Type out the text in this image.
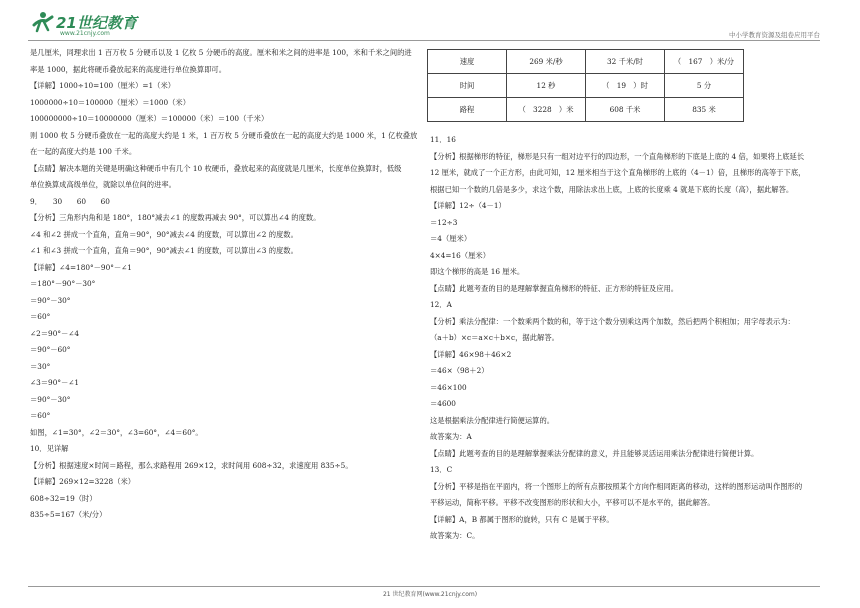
21世纪教育
www.21cnjy.com	中小学教育资源及组卷应用平台

是几厘米，同理求出 1 百万枚 5 分硬币以及 1 亿枚 5 分硬币的高度。厘米和米之间的进率是 100，米和千米之间的进

率是 1000，据此将硬币叠放起来的高度进行单位换算即可。

【详解】1000÷10=100（厘米）=1（米）

1000000÷10＝100000（厘米）＝1000（米）

100000000÷10＝10000000（厘米）＝100000（米）＝100（千米）

则 1000 枚 5 分硬币叠放在一起的高度大约是 1 米，1 百万枚 5 分硬币叠放在一起的高度大约是 1000 米，1 亿枚叠放

在一起的高度大约是 100 千米。

【点睛】解决本题的关键是明确这种硬币中有几个 10 枚硬币，叠放起来的高度就是几厘米，长度单位换算时，低级

单位换算成高级单位，就除以单位间的进率。

9．　　30　　60　　60

【分析】三角形内角和是 180°，180°减去∠1 的度数再减去 90°，可以算出∠4 的度数。

∠4 和∠2 拼成一个直角，直角＝90°，90°减去∠4 的度数，可以算出∠2 的度数。

∠1 和∠3 拼成一个直角，直角＝90°，90°减去∠1 的度数，可以算出∠3 的度数。

【详解】∠4=180°－90°－∠1

＝180°－90°－30°

＝90°－30°

＝60°

∠2＝90°－∠4

＝90°－60°

＝30°

∠3＝90°－∠1

＝90°－30°

＝60°

如图，∠1=30°，∠2＝30°，∠3=60°，∠4＝60°。

10．见详解

【分析】根据速度×时间＝路程，那么求路程用 269×12，求时间用 608÷32，求速度用 835÷5。

【详解】269×12=3228（米）

608÷32=19（时）

835÷5=167（米/分）

速度	269 米/秒	32 千米/时	（　167　）米/分
时间	12 秒	（　19　）时	5 分
路程	（　3228　）米	608 千米	835 米

11．16

【分析】根据梯形的特征，梯形是只有一组对边平行的四边形，一个直角梯形的下底是上底的 4 倍，如果将上底延长

12 厘米，就成了一个正方形，由此可知，12 厘米相当于这个直角梯形的上底的（4－1）倍，且梯形的高等于下底，

根据已知一个数的几倍是多少，求这个数，用除法求出上底，上底的长度乘 4 就是下底的长度（高），据此解答。

【详解】12÷（4－1）

＝12÷3

＝4（厘米）

4×4=16（厘米）

即这个梯形的高是 16 厘米。

【点睛】此题考查的目的是理解掌握直角梯形的特征、正方形的特征及应用。

12．A

【分析】乘法分配律：一个数乘两个数的和，等于这个数分别乘这两个加数，然后把两个积相加；用字母表示为：

（a＋b）×c＝a×c＋b×c，据此解答。

【详解】46×98＋46×2

＝46×（98＋2）

＝46×100

＝4600

这是根据乘法分配律进行简便运算的。

故答案为：A

【点睛】此题考查的目的是理解掌握乘法分配律的意义，并且能够灵活运用乘法分配律进行简便计算。

13．C

【分析】平移是指在平面内，将一个图形上的所有点都按照某个方向作相同距离的移动，这样的图形运动叫作图形的

平移运动，简称平移。平移不改变图形的形状和大小，平移可以不是水平的，据此解答。

【详解】A，B 都属于图形的旋转，只有 C 是属于平移。

故答案为：C。

21 世纪教育网(www.21cnjy.com)
